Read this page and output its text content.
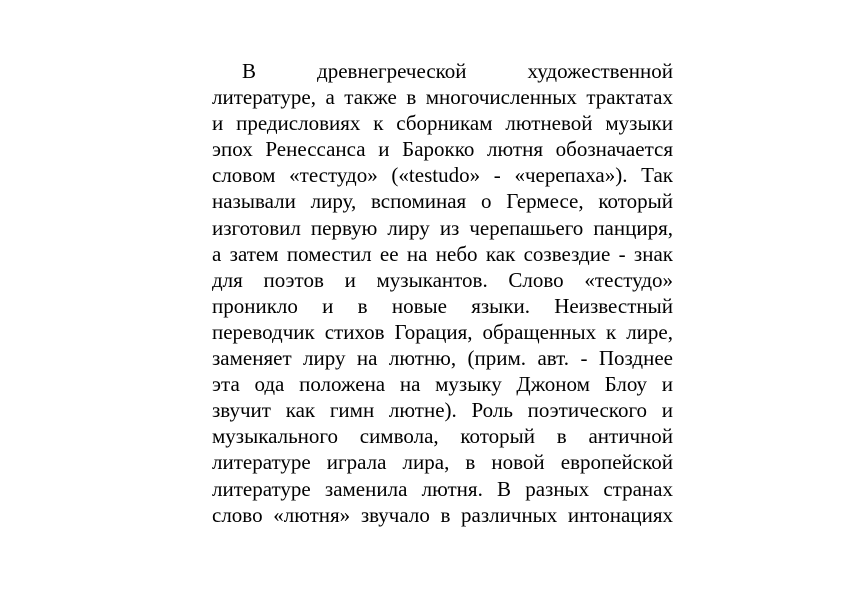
В древнегреческой художественной
литературе, а также в многочисленных трактатах
и предисловиях к сборникам лютневой музыки
эпох Ренессанса и Барокко лютня обозначается
словом «тестудо» («testudo» - «черепаха»). Так
называли лиру, вспоминая о Гермесе, который
изготовил первую лиру из черепашьего панциря,
а затем поместил ее на небо как созвездие - знак
для поэтов и музыкантов. Слово «тестудо»
проникло и в новые языки. Неизвестный
переводчик стихов Горация, обращенных к лире,
заменяет лиру на лютню, (прим. авт. - Позднее
эта ода положена на музыку Джоном Блоу и
звучит как гимн лютне). Роль поэтического и
музыкального символа, который в античной
литературе играла лира, в новой европейской
литературе заменила лютня. В разных странах
слово «лютня» звучало в различных интонациях
